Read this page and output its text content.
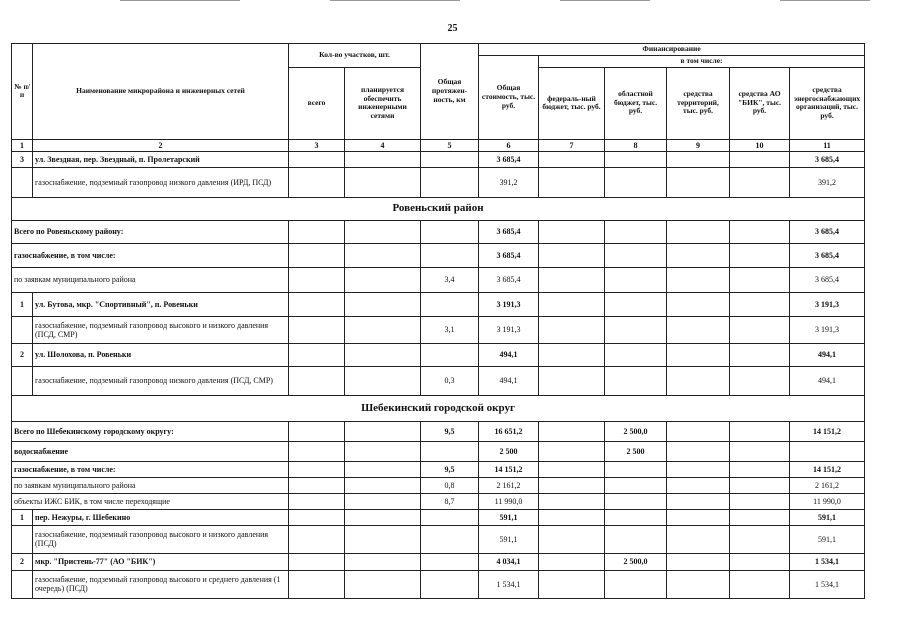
25
№ п/п	Наименование микрорайона и инженерных сетей	Кол-во участков, шт.		Общая протяжен-ность, км	Финансирование					
					Общая стоимость, тыс. руб.	в том числе:				
		всего	планируется обеспечить инженерными сетями			федераль-ный бюджет, тыс. руб.	областной бюджет, тыс. руб.	средства территорий, тыс. руб.	средства АО "БИК", тыс. руб.	средства энергоснабжающих организаций, тыс. руб.
1	2	3	4	5	6	7	8	9	10	11
3	ул. Звездная, пер. Звездный, п. Пролетарский				3 685,4					3 685,4
	газоснабжение, подземный газопровод низкого давления (ИРД, ПСД)				391,2					391,2
Ровеньский район										
Всего по Ровеньскому району:					3 685,4					3 685,4
газоснабжение, в том числе:					3 685,4					3 685,4
по заявкам муниципального района				3,4	3 685,4					3 685,4
1	ул. Бутова, мкр. "Спортивный", п. Ровеньки				3 191,3					3 191,3
	газоснабжение, подземный газопровод высокого и низкого давления (ПСД, СМР)			3,1	3 191,3					3 191,3
2	ул. Шолохова, п. Ровеньки				494,1					494,1
	газоснабжение, подземный газопровод низкого давления (ПСД, СМР)			0,3	494,1					494,1
Шебекинский городской округ										
Всего по Шебекинскому городскому округу:				9,5	16 651,2		2 500,0			14 151,2
водоснабжение					2 500		2 500			
газоснабжение, в том числе:				9,5	14 151,2					14 151,2
по заявкам муниципального района				0,8	2 161,2					2 161,2
объекты ИЖС БИК, в том числе переходящие				8,7	11 990,0					11 990,0
1	пер. Нежуры, г. Шебекино				591,1					591,1
	газоснабжение, подземный газопровод высокого и низкого давления (ПСД)				591,1					591,1
2	мкр. "Пристень-77" (АО "БИК")				4 034,1		2 500,0			1 534,1
	газоснабжение, подземный газопровод высокого и среднего давления (1 очередь) (ПСД)				1 534,1					1 534,1
